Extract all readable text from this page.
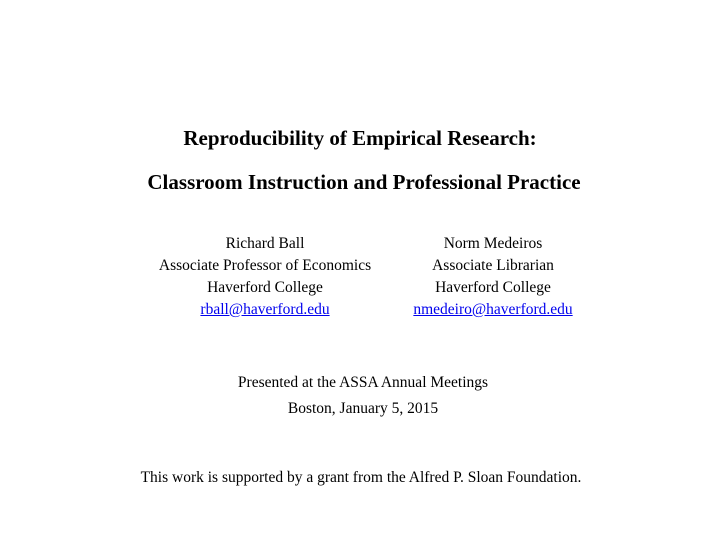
Reproducibility of Empirical Research:
Classroom Instruction and Professional Practice
Richard Ball
Associate Professor of Economics
Haverford College
rball@haverford.edu
Norm Medeiros
Associate Librarian
Haverford College
nmedeiro@haverford.edu
Presented at the ASSA Annual Meetings
Boston, January 5, 2015
This work is supported by a grant from the Alfred P. Sloan Foundation.
